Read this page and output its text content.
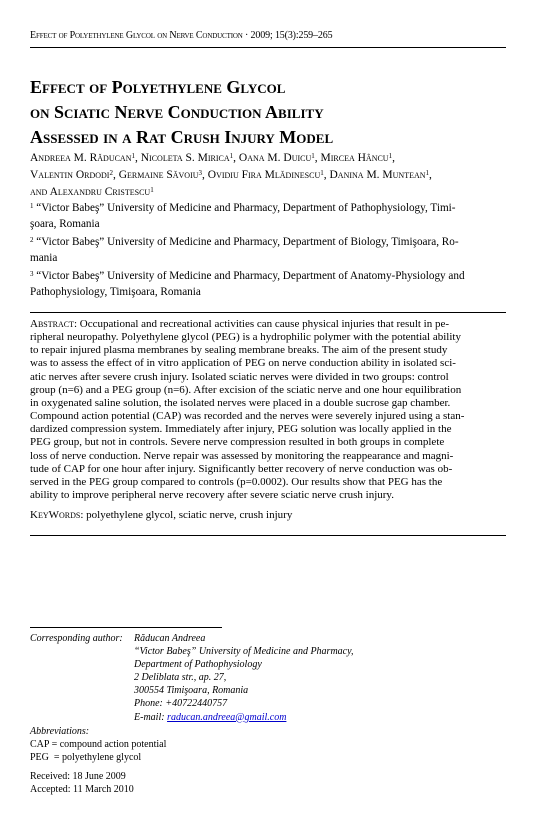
Effect of Polyethylene Glycol on Nerve Conduction · 2009; 15(3):259–265
Effect of Polyethylene Glycol
on Sciatic Nerve Conduction Ability
Assessed in a Rat Crush Injury Model
Andreea M. Răducan$^1$, Nicoleta S. Mirica$^1$, Oana M. Duicu$^1$, Mircea Hâncu$^1$,
Valentin Ordodi$^2$, Germaine Săvoiu$^3$, Ovidiu Fira Mlădinescu$^1$, Danina M. Muntean$^1$,
and Alexandru Cristescu$^1$
$^1$ “Victor Babeş” University of Medicine and Pharmacy, Department of Pathophysiology, Timi-
şoara, Romania
$^2$ “Victor Babeş” University of Medicine and Pharmacy, Department of Biology, Timişoara, Ro-
mania
$^3$ “Victor Babeş” University of Medicine and Pharmacy, Department of Anatomy-Physiology and
Pathophysiology, Timişoara, Romania
Abstract: Occupational and recreational activities can cause physical injuries that result in pe-
ripheral neuropathy. Polyethylene glycol (PEG) is a hydrophilic polymer with the potential ability
to repair injured plasma membranes by sealing membrane breaks. The aim of the present study
was to assess the effect of in vitro application of PEG on nerve conduction ability in isolated sci-
atic nerves after severe crush injury. Isolated sciatic nerves were divided in two groups: control
group (n=6) and a PEG group (n=6). After excision of the sciatic nerve and one hour equilibration
in oxygenated saline solution, the isolated nerves were placed in a double sucrose gap chamber.
Compound action potential (CAP) was recorded and the nerves were severely injured using a stan-
dardized compression system. Immediately after injury, PEG solution was locally applied in the
PEG group, but not in controls. Severe nerve compression resulted in both groups in complete
loss of nerve conduction. Nerve repair was assessed by monitoring the reappearance and magni-
tude of CAP for one hour after injury. Significantly better recovery of nerve conduction was ob-
served in the PEG group compared to controls (p=0.0002). Our results show that PEG has the
ability to improve peripheral nerve recovery after severe sciatic nerve crush injury.
KeyWords: polyethylene glycol, sciatic nerve, crush injury
Corresponding author: Răducan Andreea
“Victor Babeş” University of Medicine and Pharmacy,
Department of Pathophysiology
2 Deliblata str., ap. 27,
300554 Timişoara, Romania
Phone: +40722440757
E-mail: raducan.andreea@gmail.com
Abbreviations:
CAP = compound action potential
PEG  = polyethylene glycol
Received: 18 June 2009
Accepted: 11 March 2010
